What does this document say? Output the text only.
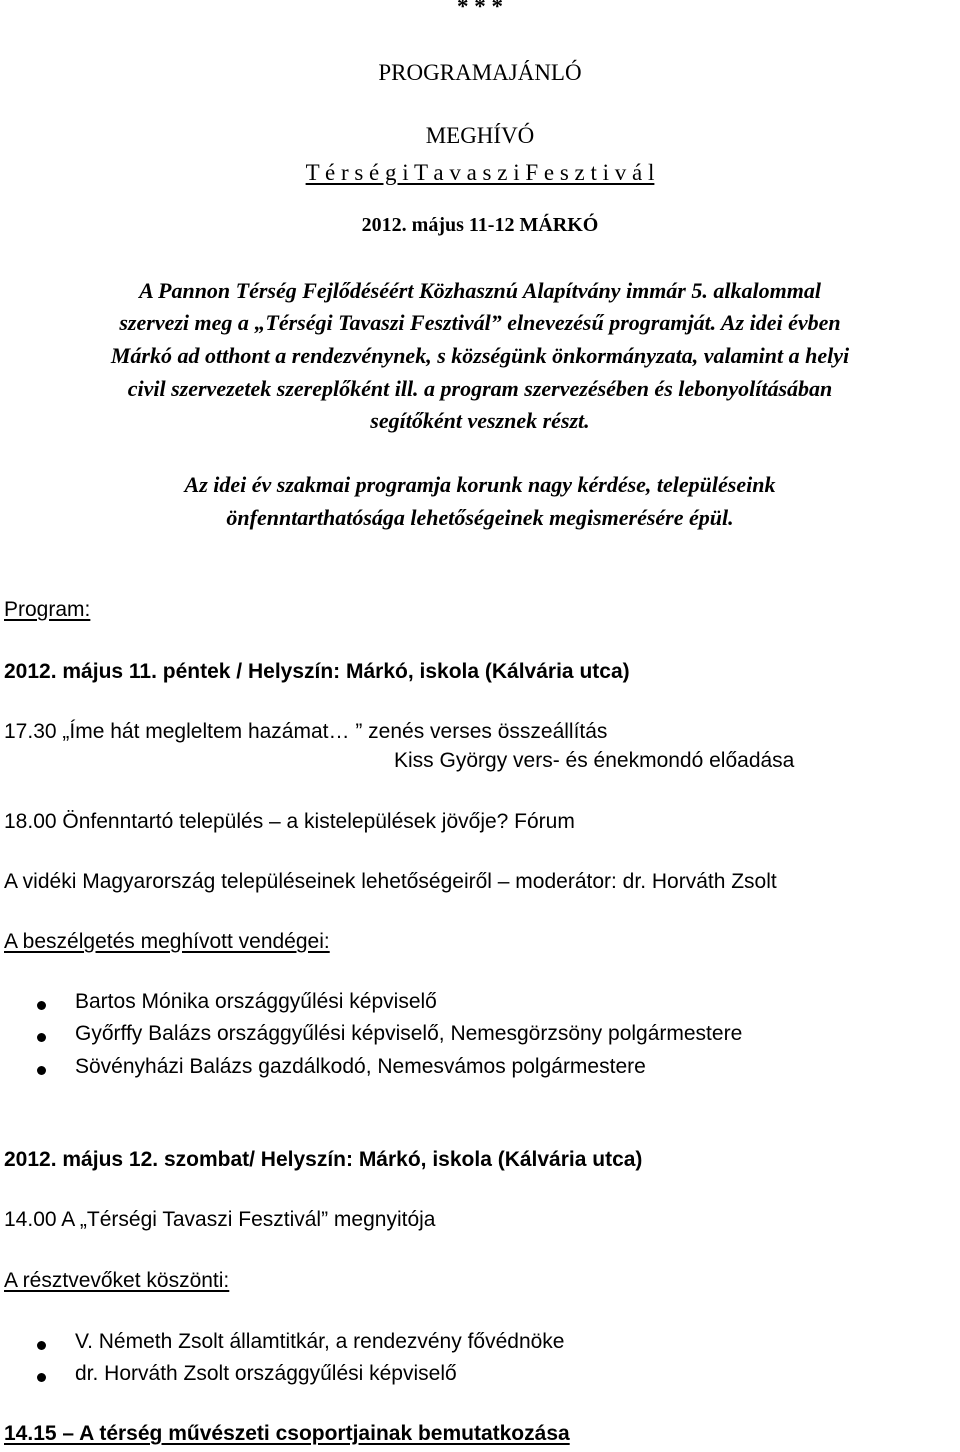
* * *
PROGRAMAJÁNLÓ
MEGHÍVÓ
T é r s é g i T a v a s z i F e s z t i v á l
2012. május 11-12 MÁRKÓ
A Pannon Térség Fejlődéséért Közhasznú Alapítvány immár 5. alkalommal
szervezi meg a „Térségi Tavaszi Fesztivál” elnevezésű programját. Az idei évben
Márkó ad otthont a rendezvénynek, s községünk önkormányzata, valamint a helyi
civil szervezetek szereplőként ill. a program szervezésében és lebonyolításában
segítőként vesznek részt.
Az idei év szakmai programja korunk nagy kérdése, településeink
önfenntarthatósága lehetőségeinek megismerésére épül.
Program:
2012. május 11. péntek / Helyszín: Márkó, iskola (Kálvária utca)
17.30 „Íme hát megleltem hazámat… ” zenés verses összeállítás
Kiss György vers- és énekmondó előadása
18.00 Önfenntartó település – a kistelepülések jövője? Fórum
A vidéki Magyarország településeinek lehetőségeiről – moderátor: dr. Horváth Zsolt
A beszélgetés meghívott vendégei:
Bartos Mónika országgyűlési képviselő
Győrffy Balázs országgyűlési képviselő, Nemesgörzsöny polgármestere
Sövényházi Balázs gazdálkodó, Nemesvámos polgármestere
2012. május 12. szombat/ Helyszín: Márkó, iskola (Kálvária utca)
14.00 A „Térségi Tavaszi Fesztivál” megnyitója
A résztvevőket köszönti:
V. Németh Zsolt államtitkár, a rendezvény fővédnöke
dr. Horváth Zsolt országgyűlési képviselő
14.15 – A térség művészeti csoportjainak bemutatkozása
